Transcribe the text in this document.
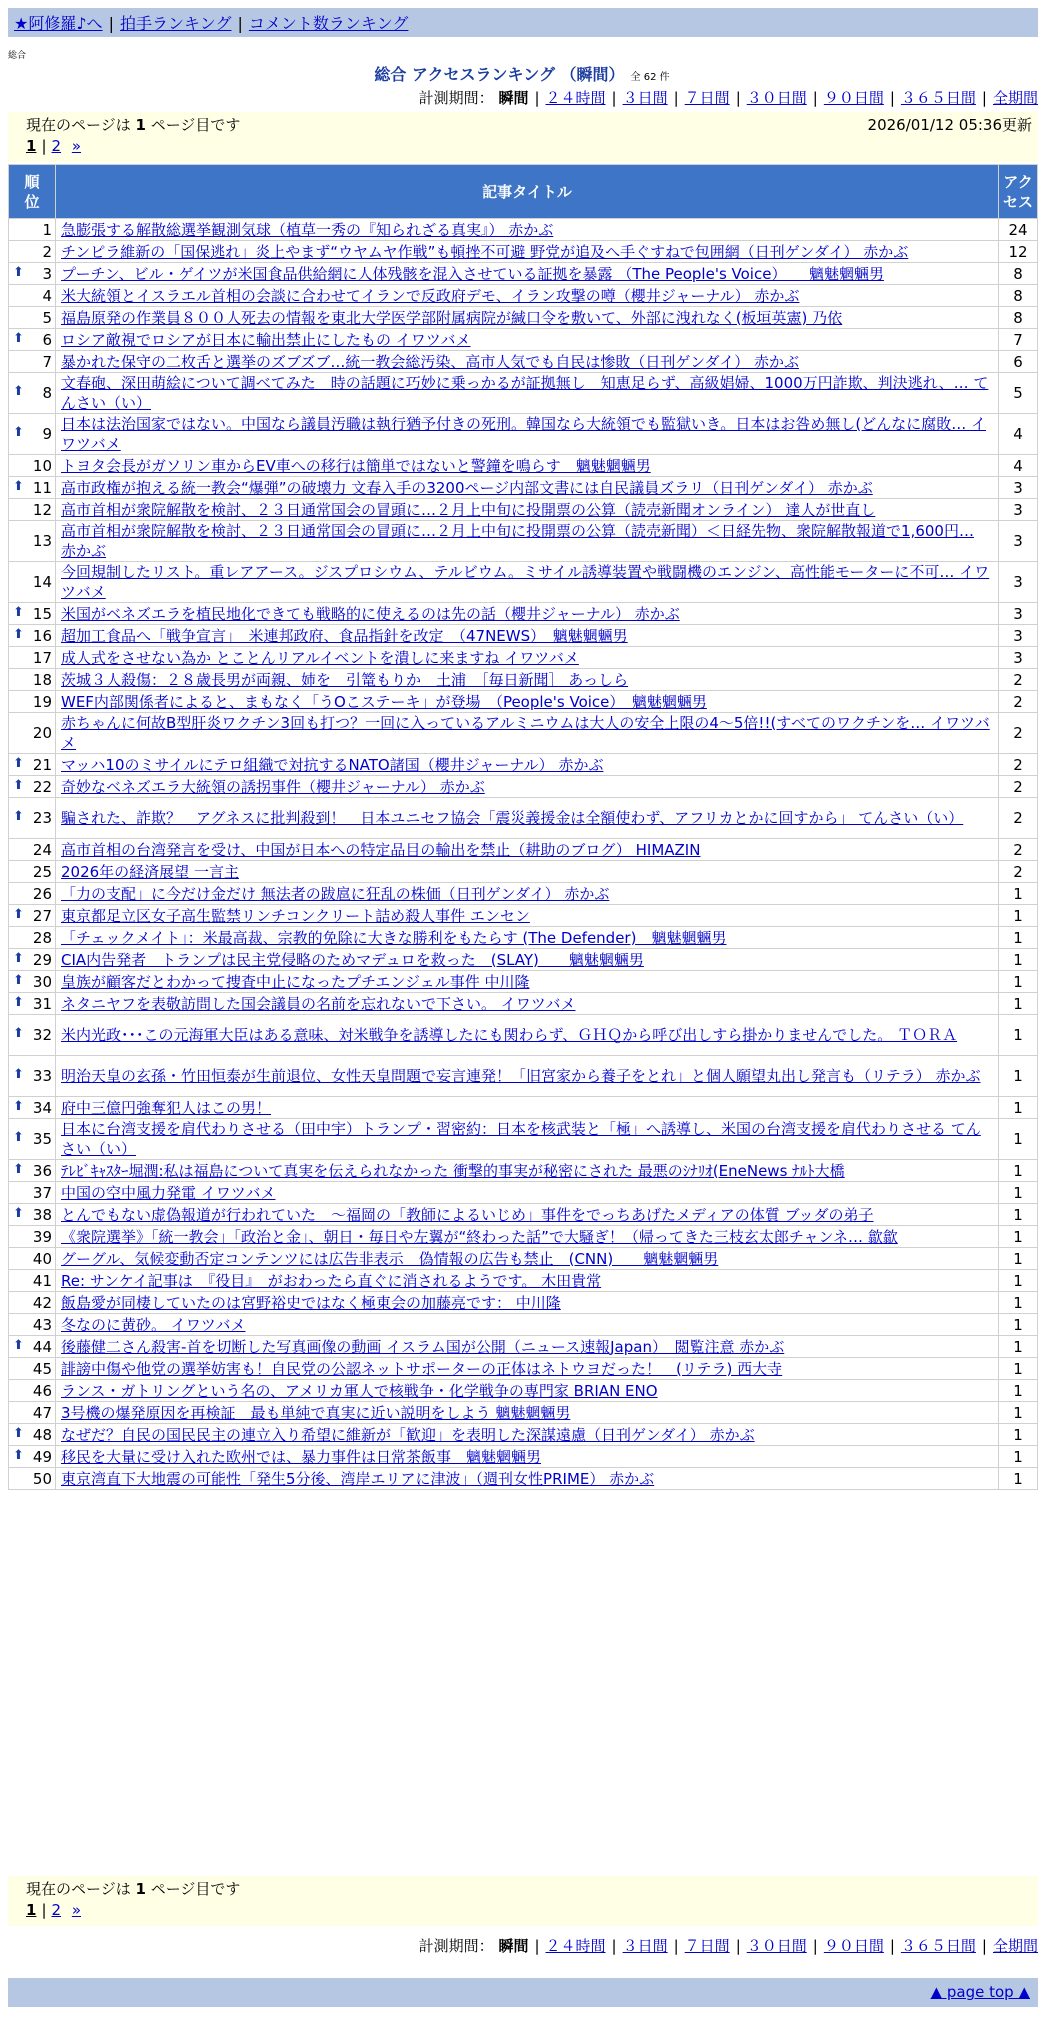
★阿修羅♪へ | 拍手ランキング | コメント数ランキング
総合
総合 アクセスランキング （瞬間） 全 62 件
計測期間： 瞬間 | ２４時間 | ３日間 | ７日間 | ３０日間 | ９０日間 | ３６５日間 | 全期間
現在のページは 1 ページ目です	2026/01/12 05:36更新
1 | 2 »
順位	記事タイトル	アクセス
1	急膨張する解散総選挙観測気球（植草一秀の『知られざる真実』） 赤かぶ	24
2	チンピラ維新の「国保逃れ」炎上やまず“ウヤムヤ作戦”も頓挫不可避 野党が追及へ手ぐすねで包囲網（日刊ゲンダイ） 赤かぶ	12

⬆ 3	プーチン、ビル・ゲイツが米国食品供給網に人体残骸を混入させている証拠を暴露 （The People's Voice）　　魑魅魍魎男	8
4	米大統領とイスラエル首相の会談に合わせてイランで反政府デモ、イラン攻撃の噂（櫻井ジャーナル） 赤かぶ	8
5	福島原発の作業員８００人死去の情報を東北大学医学部附属病院が緘口令を敷いて、外部に洩れなく(板垣英憲) 乃依	8

⬆ 6	ロシア敵視でロシアが日本に輸出禁止にしたもの イワツバメ	7
7	暴かれた保守の二枚舌と選挙のズブズブ…統一教会総汚染、高市人気でも自民は惨敗（日刊ゲンダイ） 赤かぶ	6

⬆ 8	文春砲、深田萌絵について調べてみた　時の話題に巧妙に乗っかるが証拠無し　知恵足らず、高級娼婦、1000万円詐欺、判決逃れ、… てんさい（い）	5

⬆ 9	日本は法治国家ではない。中国なら議員汚職は執行猶予付きの死刑。韓国なら大統領でも監獄いき。日本はお咎め無し(どんなに腐敗… イワツバメ	4
10	トヨタ会長がガソリン車からEV車への移行は簡単ではないと警鐘を鳴らす　魑魅魍魎男	4

⬆ 11	高市政権が抱える統一教会“爆弾”の破壊力 文春入手の3200ページ内部文書には自民議員ズラリ（日刊ゲンダイ） 赤かぶ	3
12	高市首相が衆院解散を検討、２３日通常国会の冒頭に…２月上中旬に投開票の公算（読売新聞オンライン） 達人が世直し	3
13	高市首相が衆院解散を検討、２３日通常国会の冒頭に…２月上中旬に投開票の公算（読売新聞）＜日経先物、衆院解散報道で1,600円… 赤かぶ	3
14	今回規制したリスト。重レアアース。ジスプロシウム、テルビウム。ミサイル誘導装置や戦闘機のエンジン、高性能モーターに不可… イワツバメ	3

⬆ 15	米国がベネズエラを植民地化できても戦略的に使えるのは先の話（櫻井ジャーナル） 赤かぶ	3

⬆ 16	超加工食品へ「戦争宣言」　米連邦政府、食品指針を改定　（47NEWS）　魑魅魍魎男	3
17	成人式をさせない為か とことんリアルイベントを潰しに来ますね イワツバメ	3
18	茨城３人殺傷：２８歳長男が両親、姉を　引篭もりか　土浦　［毎日新聞］ あっしら	2
19	WEF内部関係者によると、まもなく「うOこステーキ」が登場　（People's Voice）　魑魅魍魎男	2
20	赤ちゃんに何故B型肝炎ワクチン3回も打つ？一回に入っているアルミニウムは大人の安全上限の4～5倍!!(すべてのワクチンを… イワツバメ	2

⬆ 21	マッハ10のミサイルにテロ組織で対抗するNATO諸国（櫻井ジャーナル） 赤かぶ	2

⬆ 22	奇妙なベネズエラ大統領の誘拐事件（櫻井ジャーナル） 赤かぶ	2

⬆ 23	騙された、詐欺？　アグネスに批判殺到！　日本ユニセフ協会「震災義援金は全額使わず、アフリカとかに回すから」 てんさい（い）	2
24	高市首相の台湾発言を受け、中国が日本への特定品目の輸出を禁止（耕助のブログ） HIMAZIN	2
25	2026年の経済展望 一言主	2
26	「力の支配」に今だけ金だけ 無法者の跋扈に狂乱の株価（日刊ゲンダイ） 赤かぶ	1

⬆ 27	東京都足立区女子高生監禁リンチコンクリート詰め殺人事件 エンセン	1
28	「チェックメイト」：米最高裁、宗教的免除に大きな勝利をもたらす (The Defender)　魑魅魍魎男	1

⬆ 29	CIA内告発者　トランプは民主党侵略のためマデュロを救った　(SLAY)　　魑魅魍魎男	1

⬆ 30	皇族が顧客だとわかって捜査中止になったプチエンジェル事件 中川隆	1

⬆ 31	ネタニヤフを表敬訪問した国会議員の名前を忘れないで下さい。 イワツバメ	1

⬆ 32	米内光政･･･この元海軍大臣はある意味、対米戦争を誘導したにも関わらず、ＧＨＱから呼び出しすら掛かりませんでした。 ＴＯＲＡ	1

⬆ 33	明治天皇の玄孫・竹田恒泰が生前退位、女性天皇問題で妄言連発！「旧宮家から養子をとれ」と個人願望丸出し発言も（リテラ） 赤かぶ	1

⬆ 34	府中三億円強奪犯人はこの男！	1

⬆ 35	日本に台湾支援を肩代わりさせる（田中宇）トランプ・習密約：日本を核武装と「極」へ誘導し、米国の台湾支援を肩代わりさせる てんさい（い）	1

⬆ 36	ﾃﾚﾋﾞｷｬｽﾀｰ堀潤:私は福島について真実を伝えられなかった 衝撃的事実が秘密にされた 最悪のｼﾅﾘｵ(EneNews ﾅﾙﾄ大橋	1
37	中国の空中風力発電 イワツバメ	1

⬆ 38	とんでもない虚偽報道が行われていた　～福岡の「教師によるいじめ」事件をでっちあげたメディアの体質 ブッダの弟子	1
39	《衆院選挙》「統一教会」「政治と金」、朝日・毎日や左翼が“終わった話”で大騒ぎ！（帰ってきた三枝玄太郎チャンネ… 歙歙	1
40	グーグル、気候変動否定コンテンツには広告非表示　偽情報の広告も禁止　(CNN)　　魑魅魍魎男	1
41	Re: サンケイ記事は　『役目』　がおわったら直ぐに消されるようです。 木田貴常	1
42	飯島愛が同棲していたのは宮野裕史ではなく極東会の加藤亮です： 中川隆	1
43	冬なのに黄砂。 イワツバメ	1

⬆ 44	後藤健二さん殺害-首を切断した写真画像の動画 イスラム国が公開（ニュース速報Japan）　閲覧注意 赤かぶ	1
45	誹謗中傷や他党の選挙妨害も！自民党の公認ネットサポーターの正体はネトウヨだった！　(リテラ) 西大寺	1
46	ランス・ガトリングという名の、アメリカ軍人で核戦争・化学戦争の専門家 BRIAN ENO	1
47	3号機の爆発原因を再検証　最も単純で真実に近い説明をしよう 魑魅魍魎男	1

⬆ 48	なぜだ？自民の国民民主の連立入り希望に維新が「歓迎」を表明した深謀遠慮（日刊ゲンダイ） 赤かぶ	1

⬆ 49	移民を大量に受け入れた欧州では、暴力事件は日常茶飯事　魑魅魍魎男	1
50	東京湾直下大地震の可能性「発生5分後、湾岸エリアに津波」（週刊女性PRIME） 赤かぶ	1
現在のページは 1 ページ目です
1 | 2 »
計測期間： 瞬間 | ２４時間 | ３日間 | ７日間 | ３０日間 | ９０日間 | ３６５日間 | 全期間
▲ page top ▲
